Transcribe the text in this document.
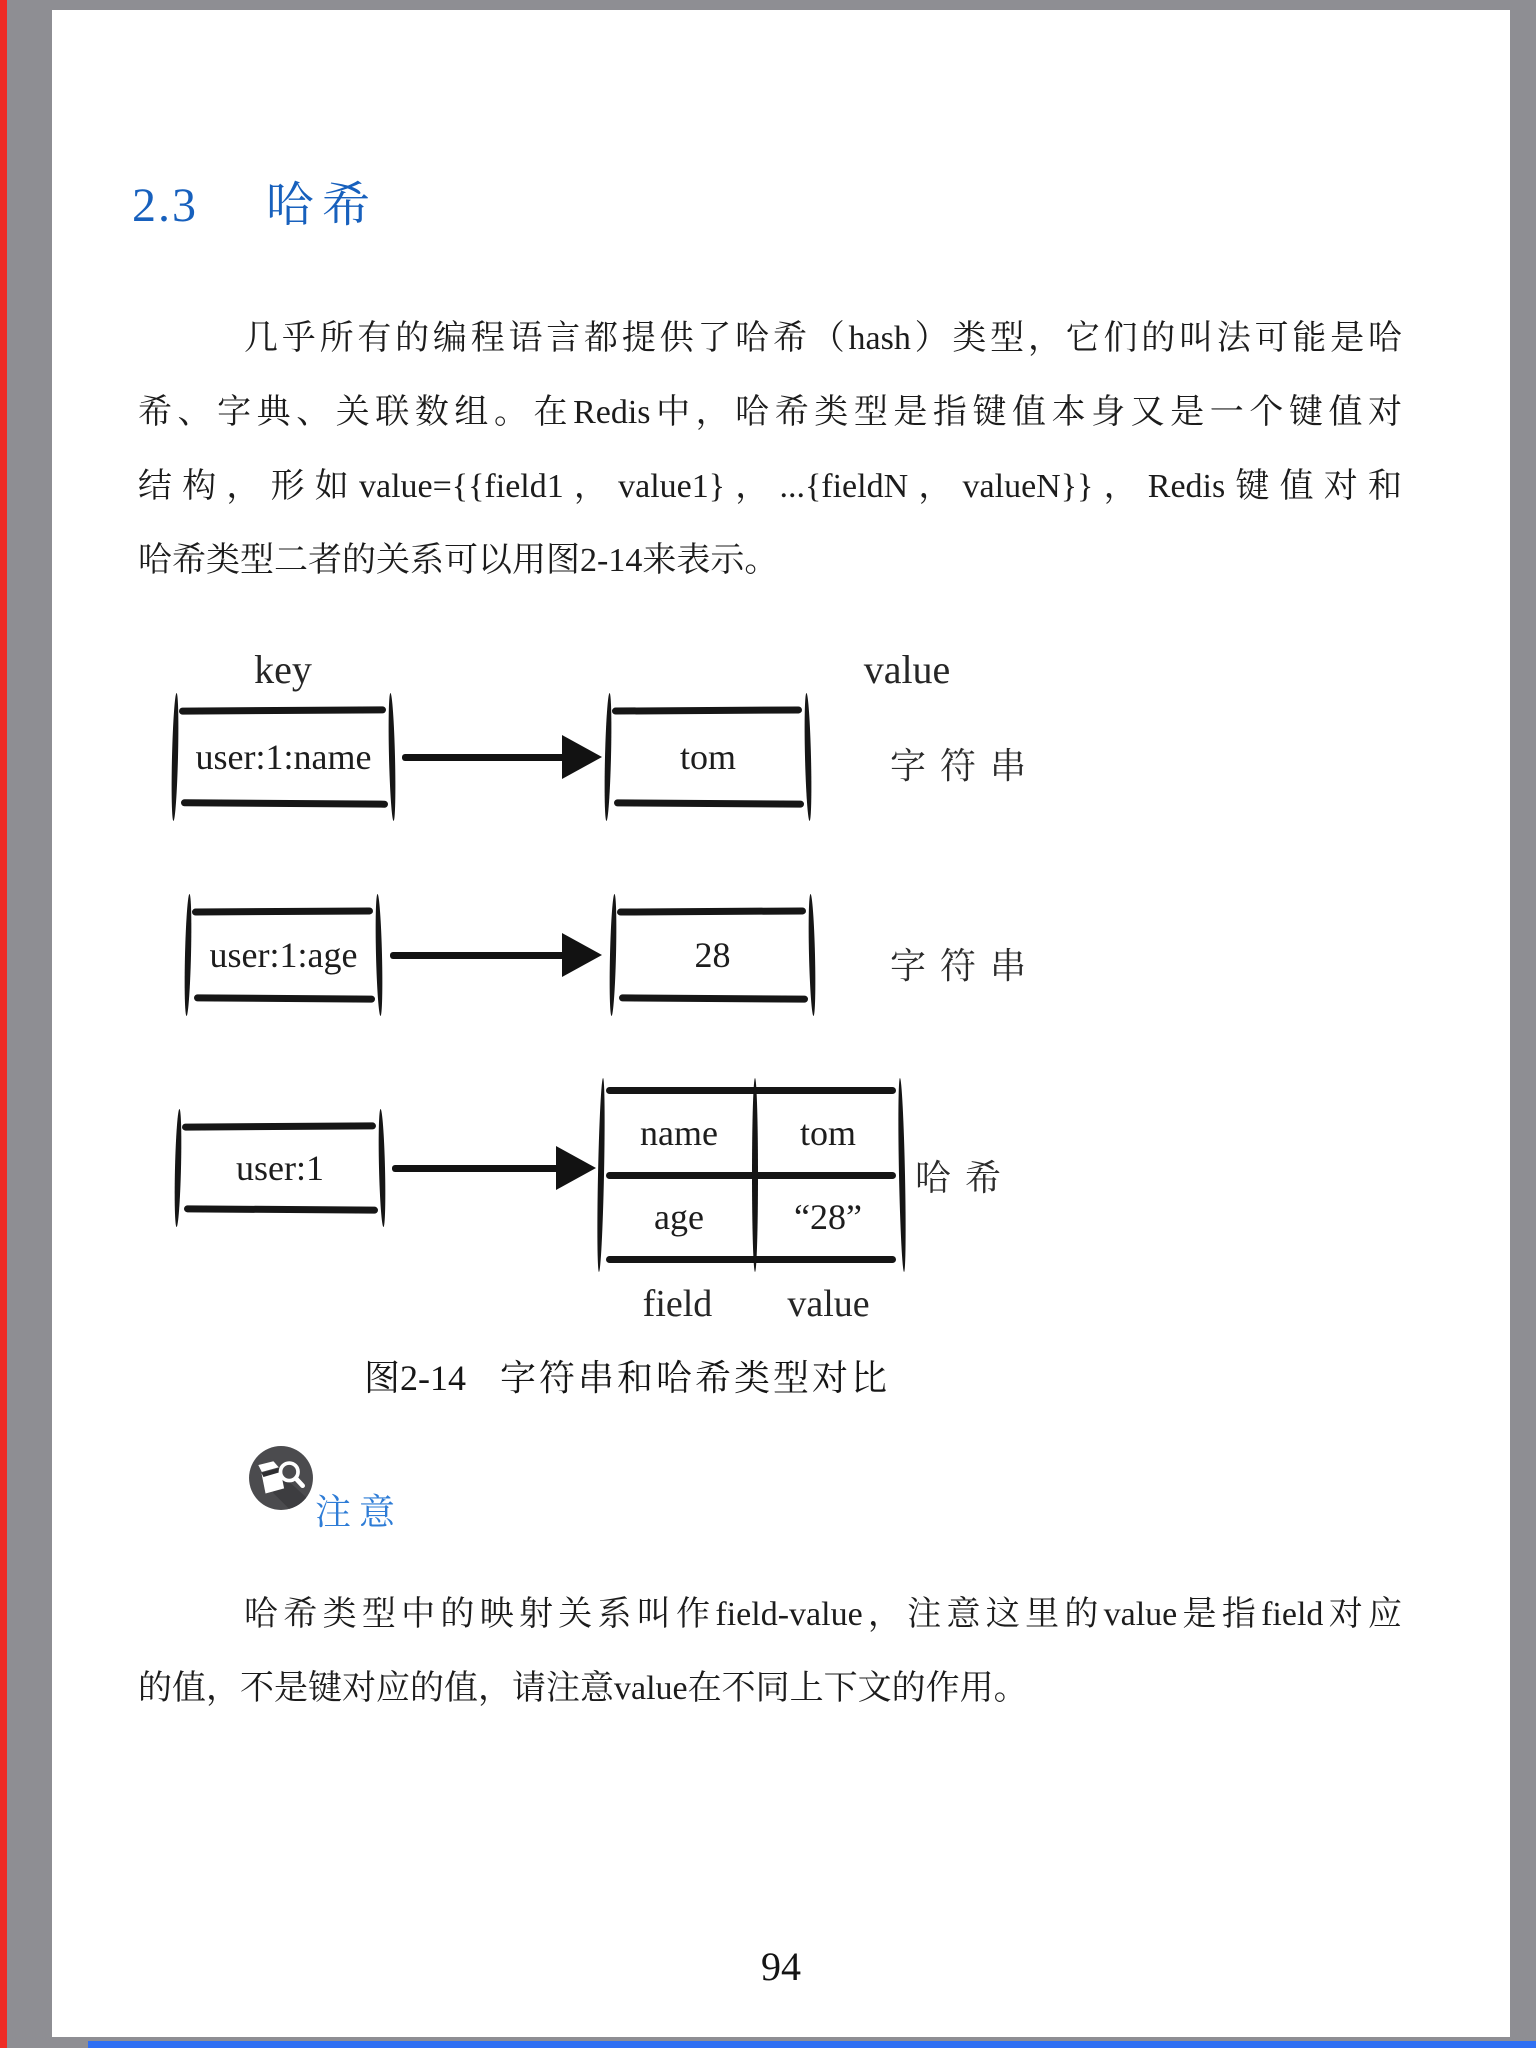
2.3 哈希
几乎所有的编程语言都提供了哈希（hash）类型，它们的叫法可能是哈
希、字典、关联数组。在Redis中，哈希类型是指键值本身又是一个键值对
结构，形如value={{field1，value1}，...{fieldN，valueN}}，Redis键值对和
哈希类型二者的关系可以用图2-14来表示。
key	value
user:1:name	tom	字符串
user:1:age	28	字符串
user:1
name	tom
age	“28”
哈希
field	value
图2-14 字符串和哈希类型对比
注意
哈希类型中的映射关系叫作field-value，注意这里的value是指field对应
的值，不是键对应的值，请注意value在不同上下文的作用。
94
